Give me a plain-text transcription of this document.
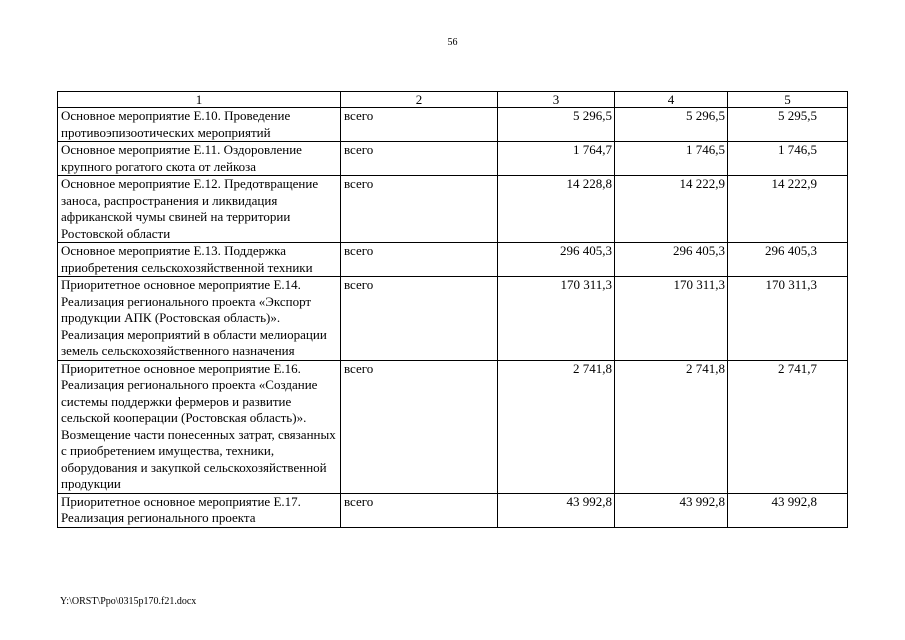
56
1	2	3	4	5
Основное мероприятие Е.10. Проведение противоэпизоотических мероприятий	всего	5 296,5	5 296,5	5 295,5
Основное мероприятие Е.11. Оздоровление крупного рогатого скота от лейкоза	всего	1 764,7	1 746,5	1 746,5
Основное мероприятие Е.12. Предотвращение заноса, распространения и ликвидация африканской чумы свиней на территории Ростовской области	всего	14 228,8	14 222,9	14 222,9
Основное мероприятие Е.13. Поддержка приобретения сельскохозяйственной техники	всего	296 405,3	296 405,3	296 405,3
Приоритетное основное мероприятие Е.14. Реализация регионального проекта «Экспорт продукции АПК (Ростовская область)». Реализация мероприятий в области мелиорации земель сельскохозяйственного назначения	всего	170 311,3	170 311,3	170 311,3
Приоритетное основное мероприятие Е.16. Реализация регионального проекта «Создание системы поддержки фермеров и развитие сельской кооперации (Ростовская область)». Возмещение части понесенных затрат, связанных с приобретением имущества, техники, оборудования и закупкой сельскохозяйственной продукции	всего	2 741,8	2 741,8	2 741,7
Приоритетное основное мероприятие Е.17. Реализация регионального проекта	всего	43 992,8	43 992,8	43 992,8
Y:\ORST\Ppo\0315p170.f21.docx
